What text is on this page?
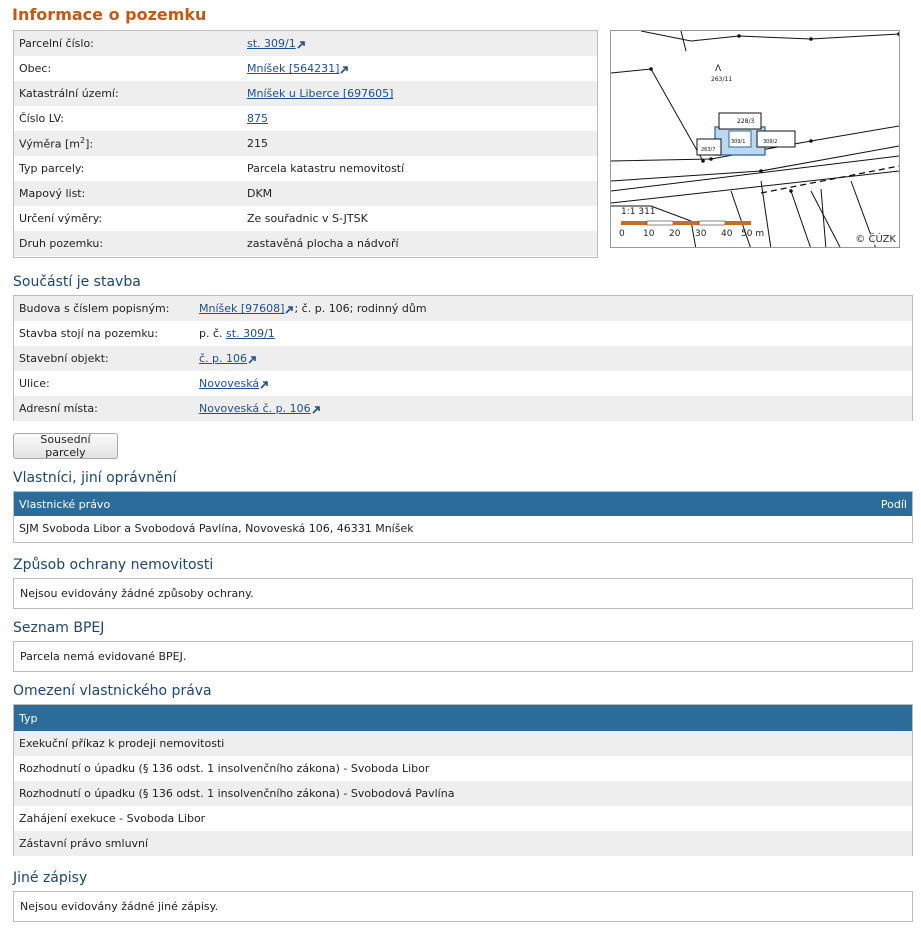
Informace o pozemku
Parcelní číslo:	st. 309/1
Obec:	Mníšek [564231]
Katastrální území:	Mníšek u Liberce [697605]
Číslo LV:	875
Výměra $[m^2]$:	215
Typ parcely:	Parcela katastru nemovitostí
Mapový list:	DKM
Určení výměry:	Ze souřadnic v S-JTSK
Druh pozemku:	zastavěná plocha a nádvoří
263/11
228/3
309/1	309/2
263/7
Λ
1:1 311
0 10 20 30 40 50 m	© ČÚZK
Součástí je stavba
Budova s číslem popisným:	Mníšek [97608] ; č. p. 106; rodinný dům
Stavba stojí na pozemku:	p. č. st. 309/1
Stavební objekt:	č. p. 106
Ulice:	Novoveská
Adresní místa:	Novoveská č. p. 106
Sousední parcely
Vlastníci, jiní oprávnění
Vlastnické právo	Podíl
SJM Svoboda Libor a Svobodová Pavlína, Novoveská 106, 46331 Mníšek
Způsob ochrany nemovitosti
Nejsou evidovány žádné způsoby ochrany.
Seznam BPEJ
Parcela nemá evidované BPEJ.
Omezení vlastnického práva
Typ
Exekuční příkaz k prodeji nemovitosti
Rozhodnutí o úpadku (§ 136 odst. 1 insolvenčního zákona) - Svoboda Libor
Rozhodnutí o úpadku (§ 136 odst. 1 insolvenčního zákona) - Svobodová Pavlína
Zahájení exekuce - Svoboda Libor
Zástavní právo smluvní
Jiné zápisy
Nejsou evidovány žádné jiné zápisy.
